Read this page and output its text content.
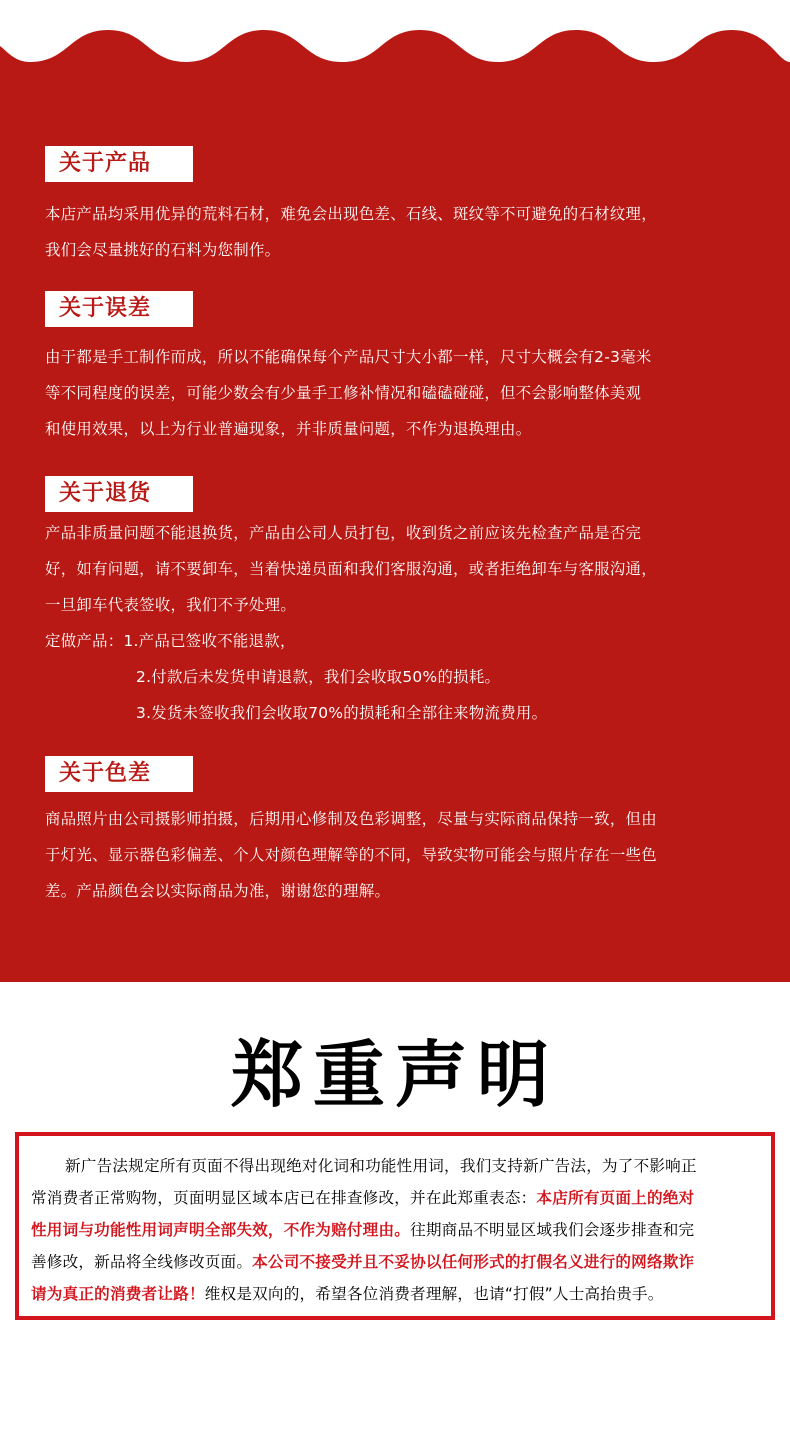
关于产品
本店产品均采用优异的荒料石材，难免会出现色差、石线、斑纹等不可避免的石材纹理，
我们会尽量挑好的石料为您制作。
关于误差
由于都是手工制作而成，所以不能确保每个产品尺寸大小都一样，尺寸大概会有2-3毫米
等不同程度的误差，可能少数会有少量手工修补情况和磕磕碰碰，但不会影响整体美观
和使用效果，以上为行业普遍现象，并非质量问题，不作为退换理由。
关于退货
产品非质量问题不能退换货，产品由公司人员打包，收到货之前应该先检查产品是否完
好，如有问题，请不要卸车，当着快递员面和我们客服沟通，或者拒绝卸车与客服沟通，
一旦卸车代表签收，我们不予处理。
定做产品：1.产品已签收不能退款，
2.付款后未发货申请退款，我们会收取50%的损耗。
3.发货未签收我们会收取70%的损耗和全部往来物流费用。
关于色差
商品照片由公司摄影师拍摄，后期用心修制及色彩调整，尽量与实际商品保持一致，但由
于灯光、显示器色彩偏差、个人对颜色理解等的不同，导致实物可能会与照片存在一些色
差。产品颜色会以实际商品为准，谢谢您的理解。
郑重声明
新广告法规定所有页面不得出现绝对化词和功能性用词，我们支持新广告法，为了不影响正
常消费者正常购物，页面明显区域本店已在排查修改，并在此郑重表态：本店所有页面上的绝对
性用词与功能性用词声明全部失效，不作为赔付理由。往期商品不明显区域我们会逐步排查和完
善修改，新品将全线修改页面。本公司不接受并且不妥协以任何形式的打假名义进行的网络欺诈
请为真正的消费者让路！维权是双向的，希望各位消费者理解，也请“打假”人士高抬贵手。
